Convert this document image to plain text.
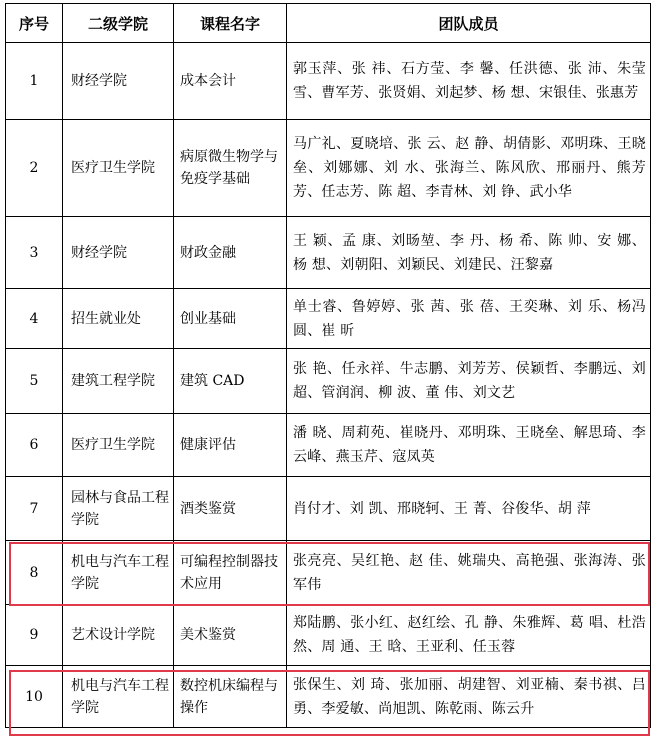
序号	二级学院	课程名字	团队成员
1	财经学院	成本会计	郭玉萍、张 祎、石方莹、李 馨、任洪德、张 沛、朱莹雪、曹军芳、张贤娟、刘起梦、杨 想、宋银佳、张惠芳
2	医疗卫生学院	病原微生物学与免疫学基础	马广礼、夏晓培、张 云、赵 静、胡倩影、邓明珠、王晓垒、刘娜娜、刘 水、张海兰、陈风欣、邢丽丹、熊芳芳、任志芳、陈 超、李青林、刘 铮、武小华
3	财经学院	财政金融	王 颖、孟 康、刘旸堃、李 丹、杨 希、陈 帅、安 娜、杨 想、刘朝阳、刘颖民、刘建民、汪黎嘉
4	招生就业处	创业基础	单士睿、鲁婷婷、张 茜、张 蓓、王奕琳、刘 乐、杨冯圆、崔 昕
5	建筑工程学院	建筑 CAD	张 艳、任永祥、牛志鹏、刘芳芳、侯颖哲、李鹏远、刘 超、管润润、柳 波、董 伟、刘文艺
6	医疗卫生学院	健康评估	潘 晓、周莉苑、崔晓丹、邓明珠、王晓垒、解思琦、李云峰、燕玉芹、寇凤英
7	园林与食品工程学院	酒类鉴赏	肖付才、刘 凯、邢晓轲、王 菁、谷俊华、胡 萍
8	机电与汽车工程学院	可编程控制器技术应用	张亮亮、吴红艳、赵 佳、姚瑞央、高艳强、张海涛、张军伟
9	艺术设计学院	美术鉴赏	郑陆鹏、张小红、赵红绘、孔 静、朱雅辉、葛 唱、杜浩然、周 通、王 晗、王亚利、任玉蓉
10	机电与汽车工程学院	数控机床编程与操作	张保生、刘 琦、张加丽、胡建智、刘亚楠、秦书祺、吕 勇、李爱敏、尚旭凯、陈乾雨、陈云升
